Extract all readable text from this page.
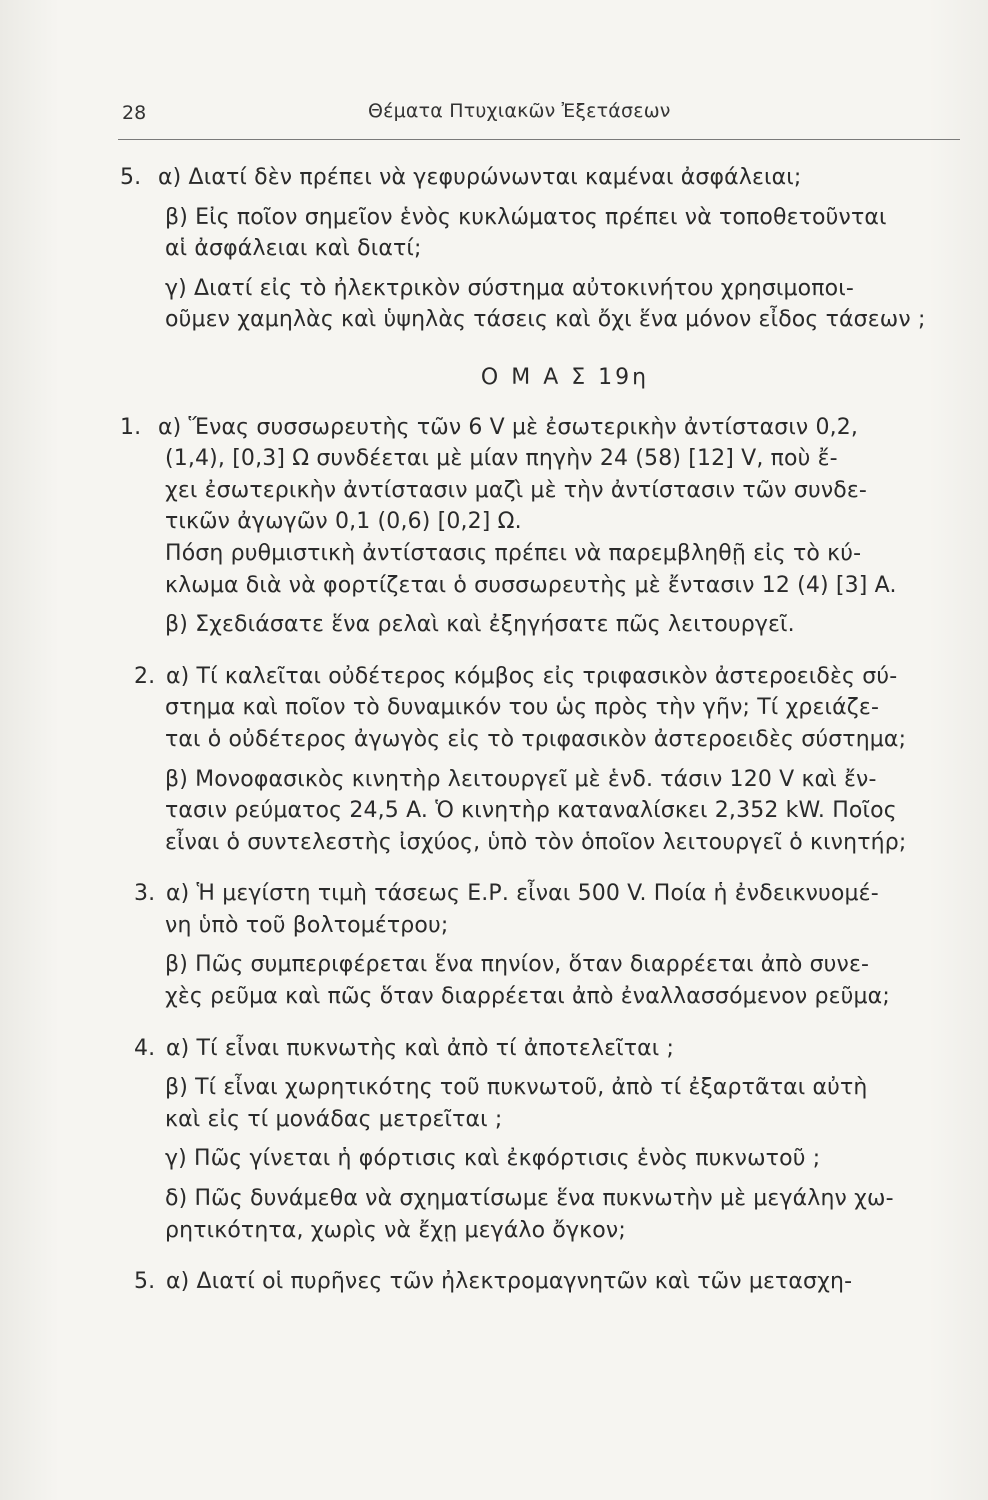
28	Θέματα Πτυχιακῶν Ἐξετάσεων
5. α) Διατί δὲν πρέπει νὰ γεφυρώνωνται καμέναι ἀσφάλειαι;
β) Εἰς ποῖον σημεῖον ἑνὸς κυκλώματος πρέπει νὰ τοποθετοῦνται
αἱ ἀσφάλειαι καὶ διατί;
γ) Διατί εἰς τὸ ἠλεκτρικὸν σύστημα αὐτοκινήτου χρησιμοποι-
οῦμεν χαμηλὰς καὶ ὑψηλὰς τάσεις καὶ ὄχι ἕνα μόνον εἶδος τάσεων ;
Ο Μ Α Σ 19η
1. α) Ἕνας συσσωρευτὴς τῶν 6 V μὲ ἐσωτερικὴν ἀντίστασιν 0,2,
(1,4), [0,3] Ω συνδέεται μὲ μίαν πηγὴν 24 (58) [12] V, ποὺ ἔ-
χει ἐσωτερικὴν ἀντίστασιν μαζὶ μὲ τὴν ἀντίστασιν τῶν συνδε-
τικῶν ἀγωγῶν 0,1 (0,6) [0,2] Ω.
Πόση ρυθμιστικὴ ἀντίστασις πρέπει νὰ παρεμβληθῇ εἰς τὸ κύ-
κλωμα διὰ νὰ φορτίζεται ὁ συσσωρευτὴς μὲ ἔντασιν 12 (4) [3] A.
β) Σχεδιάσατε ἕνα ρελαὶ καὶ ἐξηγήσατε πῶς λειτουργεῖ.
2. α) Τί καλεῖται οὐδέτερος κόμβος εἰς τριφασικὸν ἀστεροειδὲς σύ-
στημα καὶ ποῖον τὸ δυναμικόν του ὡς πρὸς τὴν γῆν; Τί χρειάζε-
ται ὁ οὐδέτερος ἀγωγὸς εἰς τὸ τριφασικὸν ἀστεροειδὲς σύστημα;
β) Μονοφασικὸς κινητὴρ λειτουργεῖ μὲ ἑνδ. τάσιν 120 V καὶ ἔν-
τασιν ρεύματος 24,5 A. Ὁ κινητὴρ καταναλίσκει 2,352 kW. Ποῖος
εἶναι ὁ συντελεστὴς ἰσχύος, ὑπὸ τὸν ὁποῖον λειτουργεῖ ὁ κινητήρ;
3. α) Ἡ μεγίστη τιμὴ τάσεως Ε.Ρ. εἶναι 500 V. Ποία ἡ ἐνδεικνυομέ-
νη ὑπὸ τοῦ βολτομέτρου;
β) Πῶς συμπεριφέρεται ἕνα πηνίον, ὅταν διαρρέεται ἀπὸ συνε-
χὲς ρεῦμα καὶ πῶς ὅταν διαρρέεται ἀπὸ ἐναλλασσόμενον ρεῦμα;
4. α) Τί εἶναι πυκνωτὴς καὶ ἀπὸ τί ἀποτελεῖται ;
β) Τί εἶναι χωρητικότης τοῦ πυκνωτοῦ, ἀπὸ τί ἐξαρτᾶται αὐτὴ
καὶ εἰς τί μονάδας μετρεῖται ;
γ) Πῶς γίνεται ἡ φόρτισις καὶ ἐκφόρτισις ἑνὸς πυκνωτοῦ ;
δ) Πῶς δυνάμεθα νὰ σχηματίσωμε ἕνα πυκνωτὴν μὲ μεγάλην χω-
ρητικότητα, χωρὶς νὰ ἔχῃ μεγάλο ὄγκον;
5. α) Διατί οἱ πυρῆνες τῶν ἠλεκτρομαγνητῶν καὶ τῶν μετασχη-
